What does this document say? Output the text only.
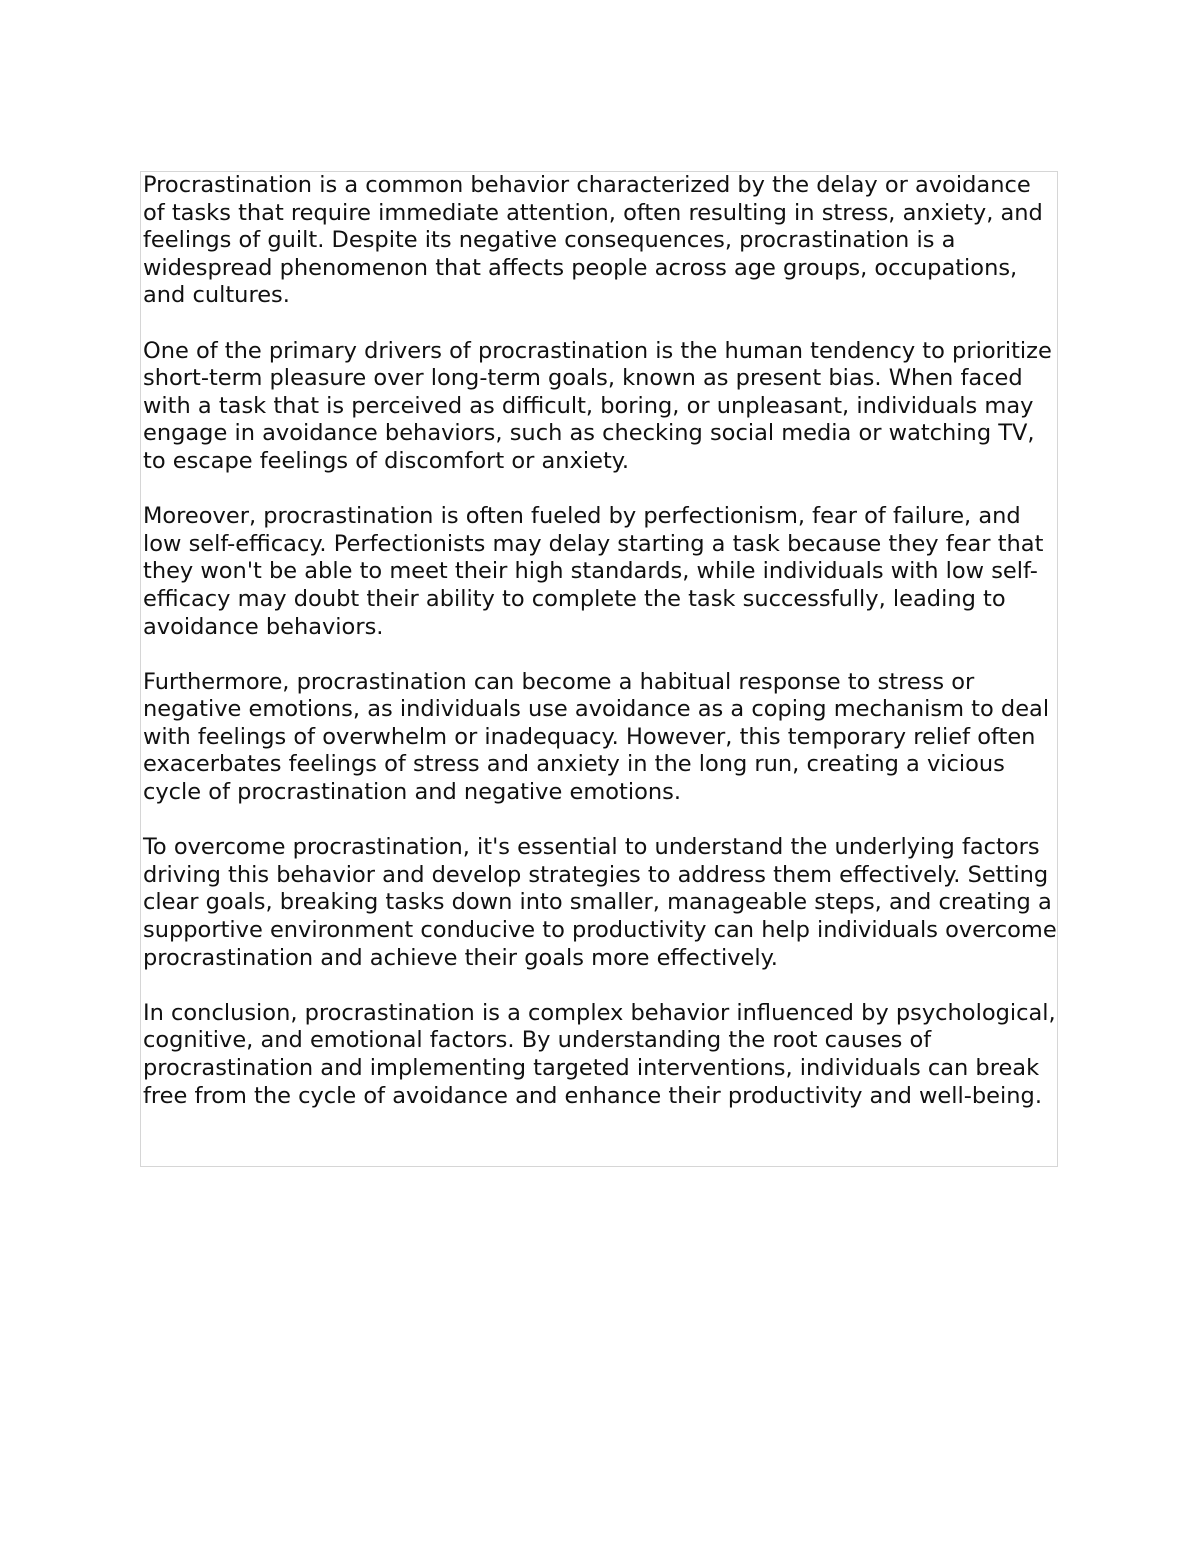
Procrastination is a common behavior characterized by the delay or avoidance of tasks that require immediate attention, often resulting in stress, anxiety, and feelings of guilt. Despite its negative consequences, procrastination is a widespread phenomenon that affects people across age groups, occupations, and cultures.

One of the primary drivers of procrastination is the human tendency to prioritize short-term pleasure over long-term goals, known as present bias. When faced with a task that is perceived as difficult, boring, or unpleasant, individuals may engage in avoidance behaviors, such as checking social media or watching TV, to escape feelings of discomfort or anxiety.

Moreover, procrastination is often fueled by perfectionism, fear of failure, and low self-efficacy. Perfectionists may delay starting a task because they fear that they won't be able to meet their high standards, while individuals with low self-efficacy may doubt their ability to complete the task successfully, leading to avoidance behaviors.

Furthermore, procrastination can become a habitual response to stress or negative emotions, as individuals use avoidance as a coping mechanism to deal with feelings of overwhelm or inadequacy. However, this temporary relief often exacerbates feelings of stress and anxiety in the long run, creating a vicious cycle of procrastination and negative emotions.

To overcome procrastination, it's essential to understand the underlying factors driving this behavior and develop strategies to address them effectively. Setting clear goals, breaking tasks down into smaller, manageable steps, and creating a supportive environment conducive to productivity can help individuals overcome procrastination and achieve their goals more effectively.

In conclusion, procrastination is a complex behavior influenced by psychological, cognitive, and emotional factors. By understanding the root causes of procrastination and implementing targeted interventions, individuals can break free from the cycle of avoidance and enhance their productivity and well-being.
